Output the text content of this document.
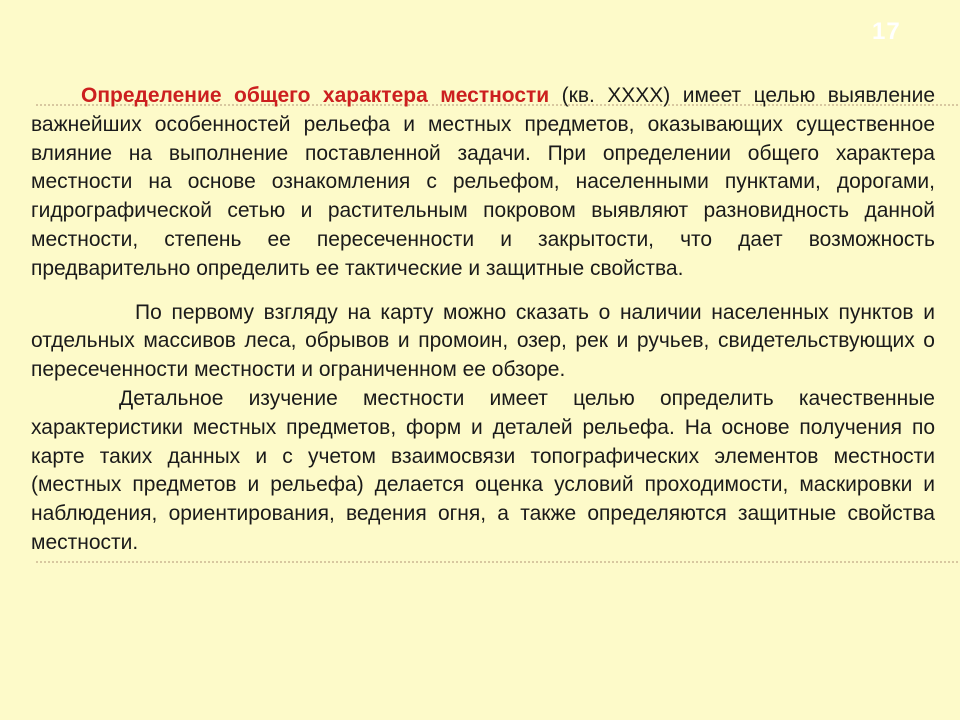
17

Определение общего характера местности (кв. XXXX) имеет целью выявление важнейших особенностей рельефа и местных предметов, оказывающих существенное влияние на выполнение поставленной задачи. При определении общего характера местности на основе ознакомления с рельефом, населенными пунктами, дорогами, гидрографической сетью и растительным покровом выявляют разновидность данной местности, степень ее пересеченности и закрытости, что дает возможность предварительно определить ее тактические и защитные свойства.

По первому взгляду на карту можно сказать о наличии населенных пунктов и отдельных массивов леса, обрывов и промоин, озер, рек и ручьев, свидетельствующих о пересеченности местности и ограниченном ее обзоре.

Детальное изучение местности имеет целью определить качественные характеристики местных предметов, форм и деталей рельефа. На основе получения по карте таких данных и с учетом взаимосвязи топографических элементов местности (местных предметов и рельефа) делается оценка условий проходимости, маскировки и наблюдения, ориентирования, ведения огня, а также определяются защитные свойства местности.
